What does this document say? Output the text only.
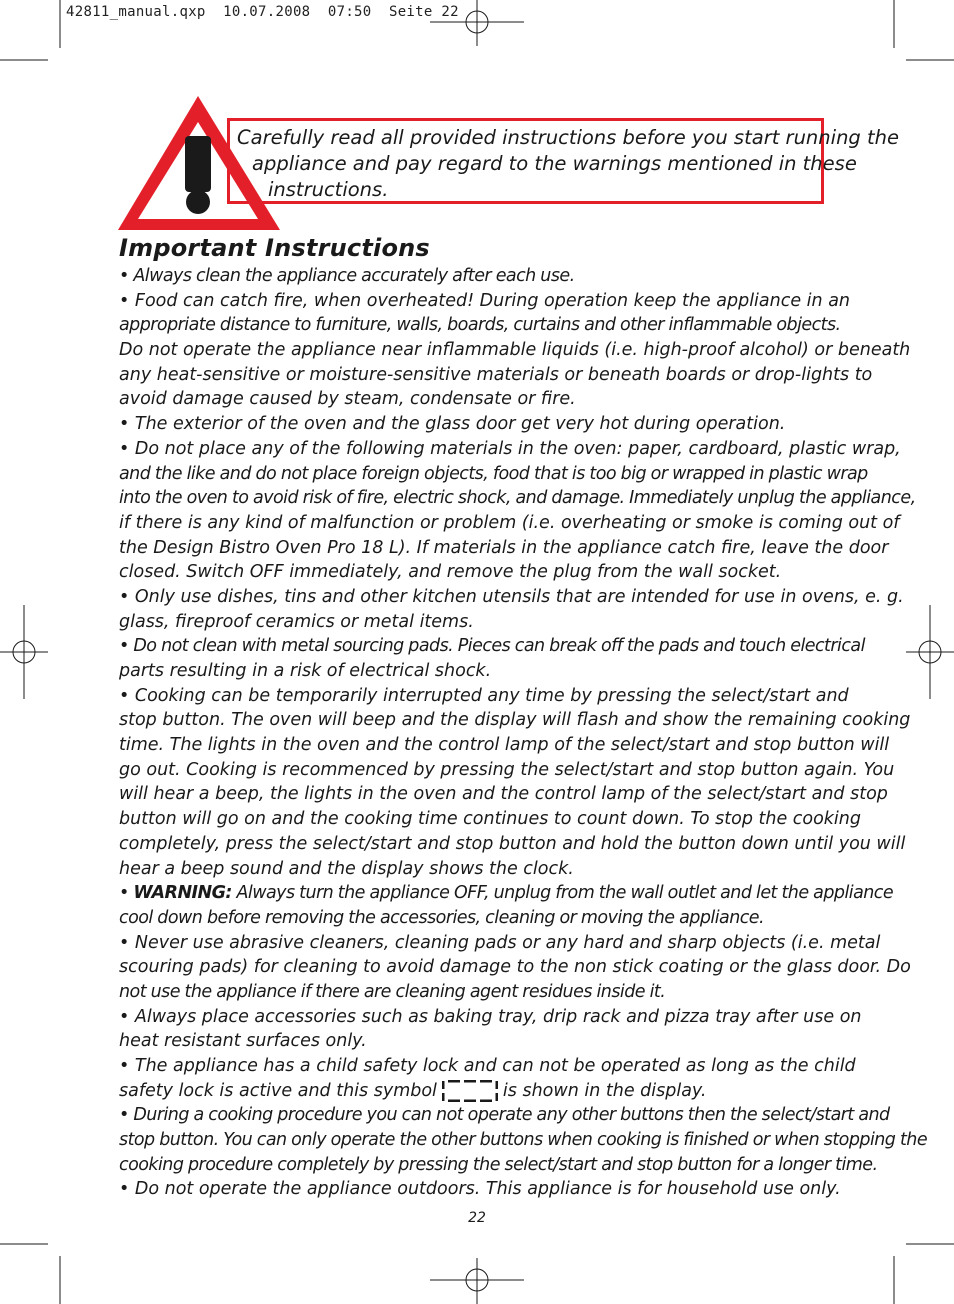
42811_manual.qxp  10.07.2008  07:50  Seite 22
Carefully read all provided instructions before you start running the
appliance and pay regard to the warnings mentioned in these
instructions.
Important Instructions
• Always clean the appliance accurately after each use.
• Food can catch fire, when overheated! During operation keep the appliance in an
appropriate distance to furniture, walls, boards, curtains and other inflammable objects.
Do not operate the appliance near inflammable liquids (i.e. high-proof alcohol) or beneath
any heat-sensitive or moisture-sensitive materials or beneath boards or drop-lights to
avoid damage caused by steam, condensate or fire.
• The exterior of the oven and the glass door get very hot during operation.
• Do not place any of the following materials in the oven: paper, cardboard, plastic wrap,
and the like and do not place foreign objects, food that is too big or wrapped in plastic wrap
into the oven to avoid risk of fire, electric shock, and damage. Immediately unplug the appliance,
if there is any kind of malfunction or problem (i.e. overheating or smoke is coming out of
the Design Bistro Oven Pro 18 L). If materials in the appliance catch fire, leave the door
closed. Switch OFF immediately, and remove the plug from the wall socket.
• Only use dishes, tins and other kitchen utensils that are intended for use in ovens, e. g.
glass, fireproof ceramics or metal items.
• Do not clean with metal sourcing pads. Pieces can break off the pads and touch electrical
parts resulting in a risk of electrical shock.
• Cooking can be temporarily interrupted any time by pressing the select/start and
stop button. The oven will beep and the display will flash and show the remaining cooking
time. The lights in the oven and the control lamp of the select/start and stop button will
go out. Cooking is recommenced by pressing the select/start and stop button again. You
will hear a beep, the lights in the oven and the control lamp of the select/start and stop
button will go on and the cooking time continues to count down. To stop the cooking
completely, press the select/start and stop button and hold the button down until you will
hear a beep sound and the display shows the clock.
• WARNING: Always turn the appliance OFF, unplug from the wall outlet and let the appliance
cool down before removing the accessories, cleaning or moving the appliance.
• Never use abrasive cleaners, cleaning pads or any hard and sharp objects (i.e. metal
scouring pads) for cleaning to avoid damage to the non stick coating or the glass door. Do
not use the appliance if there are cleaning agent residues inside it.
• Always place accessories such as baking tray, drip rack and pizza tray after use on
heat resistant surfaces only.
• The appliance has a child safety lock and can not be operated as long as the child
safety lock is active and this symbol	is shown in the display.
• During a cooking procedure you can not operate any other buttons then the select/start and
stop button. You can only operate the other buttons when cooking is finished or when stopping the
cooking procedure completely by pressing the select/start and stop button for a longer time.
• Do not operate the appliance outdoors. This appliance is for household use only.
22
